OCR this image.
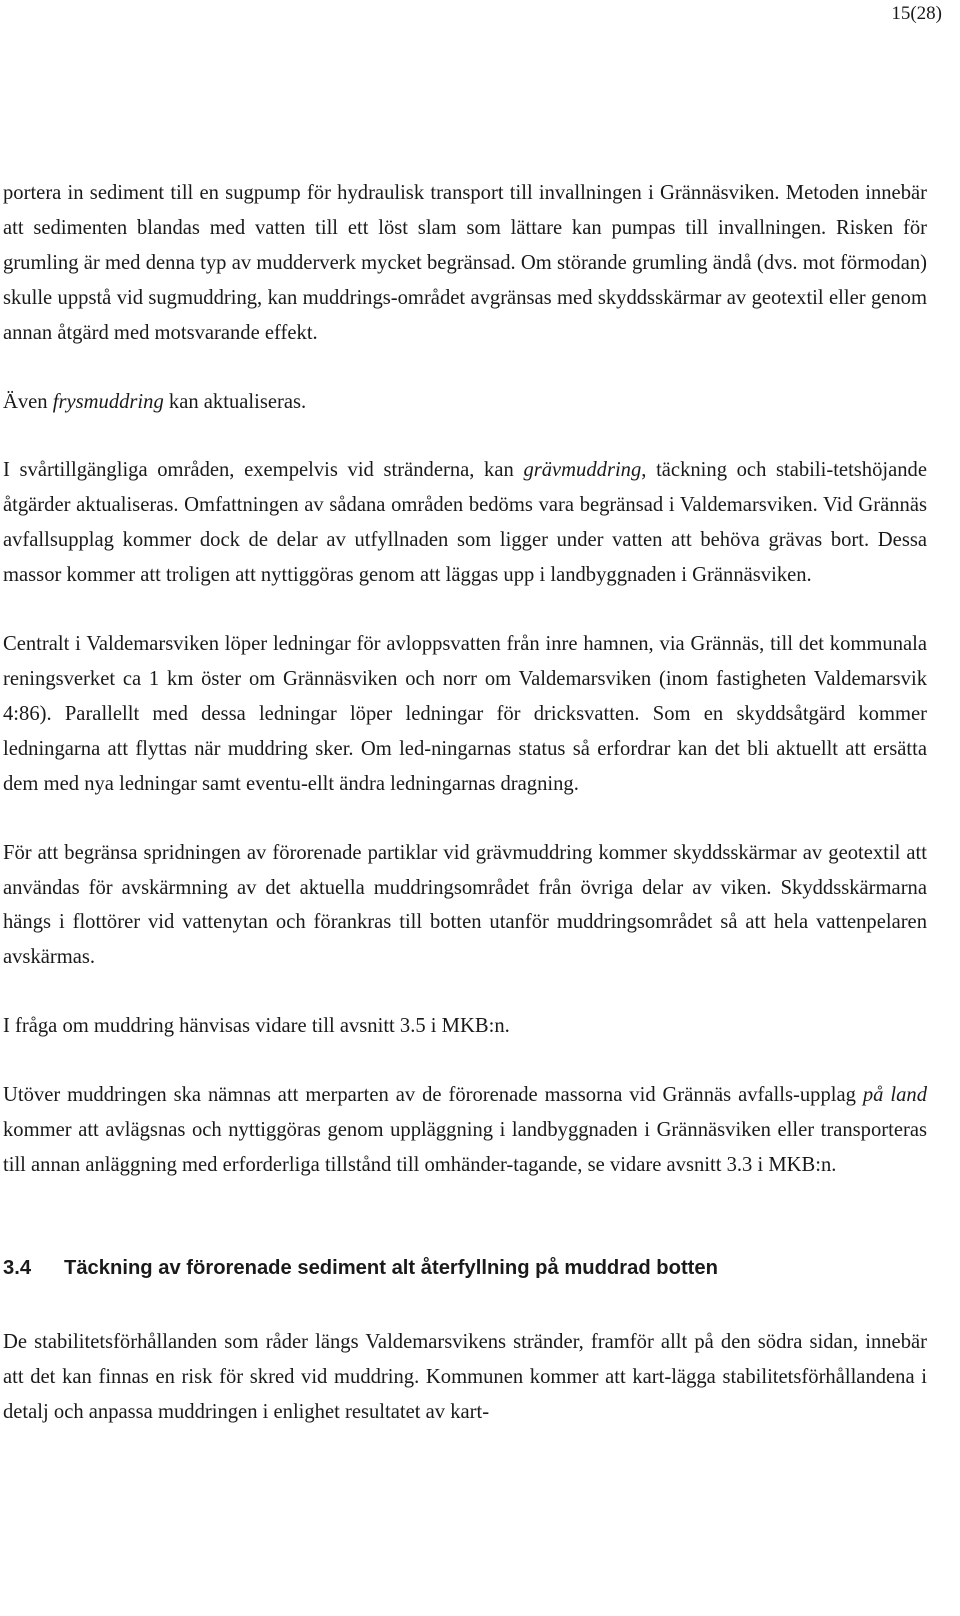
15(28)

portera in sediment till en sugpump för hydraulisk transport till invallningen i Grännäsviken. Metoden innebär att sedimenten blandas med vatten till ett löst slam som lättare kan pumpas till invallningen. Risken för grumling är med denna typ av mudderverk mycket begränsad. Om störande grumling ändå (dvs. mot förmodan) skulle uppstå vid sugmuddring, kan muddrings-området avgränsas med skyddsskärmar av geotextil eller genom annan åtgärd med motsvarande effekt.

Även frysmuddring kan aktualiseras.

I svårtillgängliga områden, exempelvis vid stränderna, kan grävmuddring, täckning och stabili-tetshöjande åtgärder aktualiseras. Omfattningen av sådana områden bedöms vara begränsad i Valdemarsviken. Vid Grännäs avfallsupplag kommer dock de delar av utfyllnaden som ligger under vatten att behöva grävas bort. Dessa massor kommer att troligen att nyttiggöras genom att läggas upp i landbyggnaden i Grännäsviken.

Centralt i Valdemarsviken löper ledningar för avloppsvatten från inre hamnen, via Grännäs, till det kommunala reningsverket ca 1 km öster om Grännäsviken och norr om Valdemarsviken (inom fastigheten Valdemarsvik 4:86). Parallellt med dessa ledningar löper ledningar för dricksvatten. Som en skyddsåtgärd kommer ledningarna att flyttas när muddring sker. Om led-ningarnas status så erfordrar kan det bli aktuellt att ersätta dem med nya ledningar samt eventu-ellt ändra ledningarnas dragning.

För att begränsa spridningen av förorenade partiklar vid grävmuddring kommer skyddsskärmar av geotextil att användas för avskärmning av det aktuella muddringsområdet från övriga delar av viken. Skyddsskärmarna hängs i flottörer vid vattenytan och förankras till botten utanför muddringsområdet så att hela vattenpelaren avskärmas.

I fråga om muddring hänvisas vidare till avsnitt 3.5 i MKB:n.

Utöver muddringen ska nämnas att merparten av de förorenade massorna vid Grännäs avfalls-upplag på land kommer att avlägsnas och nyttiggöras genom uppläggning i landbyggnaden i Grännäsviken eller transporteras till annan anläggning med erforderliga tillstånd till omhänder-tagande, se vidare avsnitt 3.3 i MKB:n.

3.4	Täckning av förorenade sediment alt återfyllning på muddrad botten

De stabilitetsförhållanden som råder längs Valdemarsvikens stränder, framför allt på den södra sidan, innebär att det kan finnas en risk för skred vid muddring. Kommunen kommer att kart-lägga stabilitetsförhållandena i detalj och anpassa muddringen i enlighet resultatet av kart-
